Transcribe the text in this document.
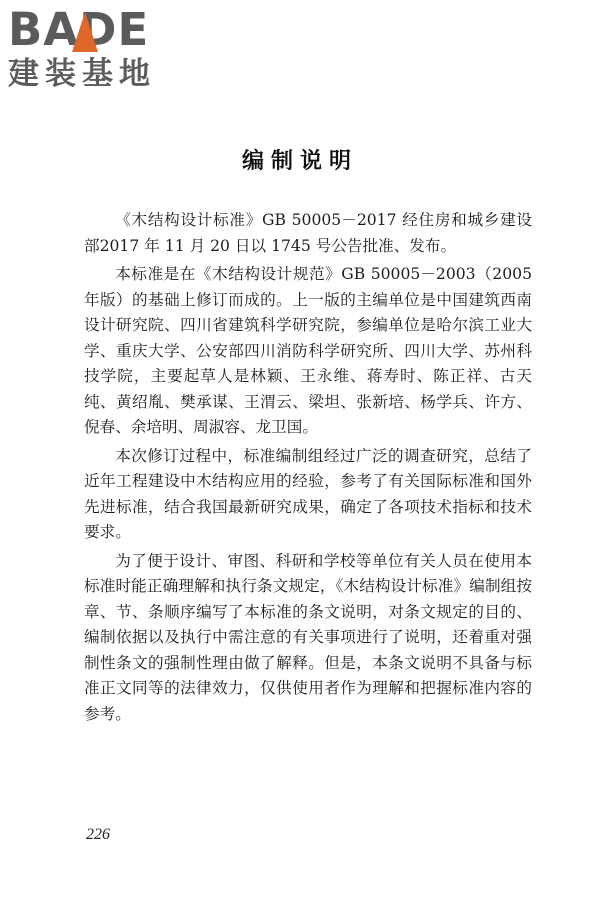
BADE
建装基地
编制说明

《木结构设计标准》GB 50005－2017 经住房和城乡建设部2017 年 11 月 20 日以 1745 号公告批准、发布。

本标准是在《木结构设计规范》GB 50005－2003（2005 年版）的基础上修订而成的。上一版的主编单位是中国建筑西南设计研究院、四川省建筑科学研究院，参编单位是哈尔滨工业大学、重庆大学、公安部四川消防科学研究所、四川大学、苏州科技学院，主要起草人是林颖、王永维、蒋寿时、陈正祥、古天纯、黄绍胤、樊承谋、王渭云、梁坦、张新培、杨学兵、许方、倪春、余培明、周淑容、龙卫国。

本次修订过程中，标准编制组经过广泛的调查研究，总结了近年工程建设中木结构应用的经验，参考了有关国际标准和国外先进标准，结合我国最新研究成果，确定了各项技术指标和技术要求。

为了便于设计、审图、科研和学校等单位有关人员在使用本标准时能正确理解和执行条文规定，《木结构设计标准》编制组按章、节、条顺序编写了本标准的条文说明，对条文规定的目的、编制依据以及执行中需注意的有关事项进行了说明，还着重对强制性条文的强制性理由做了解释。但是，本条文说明不具备与标准正文同等的法律效力，仅供使用者作为理解和把握标准内容的参考。

226
